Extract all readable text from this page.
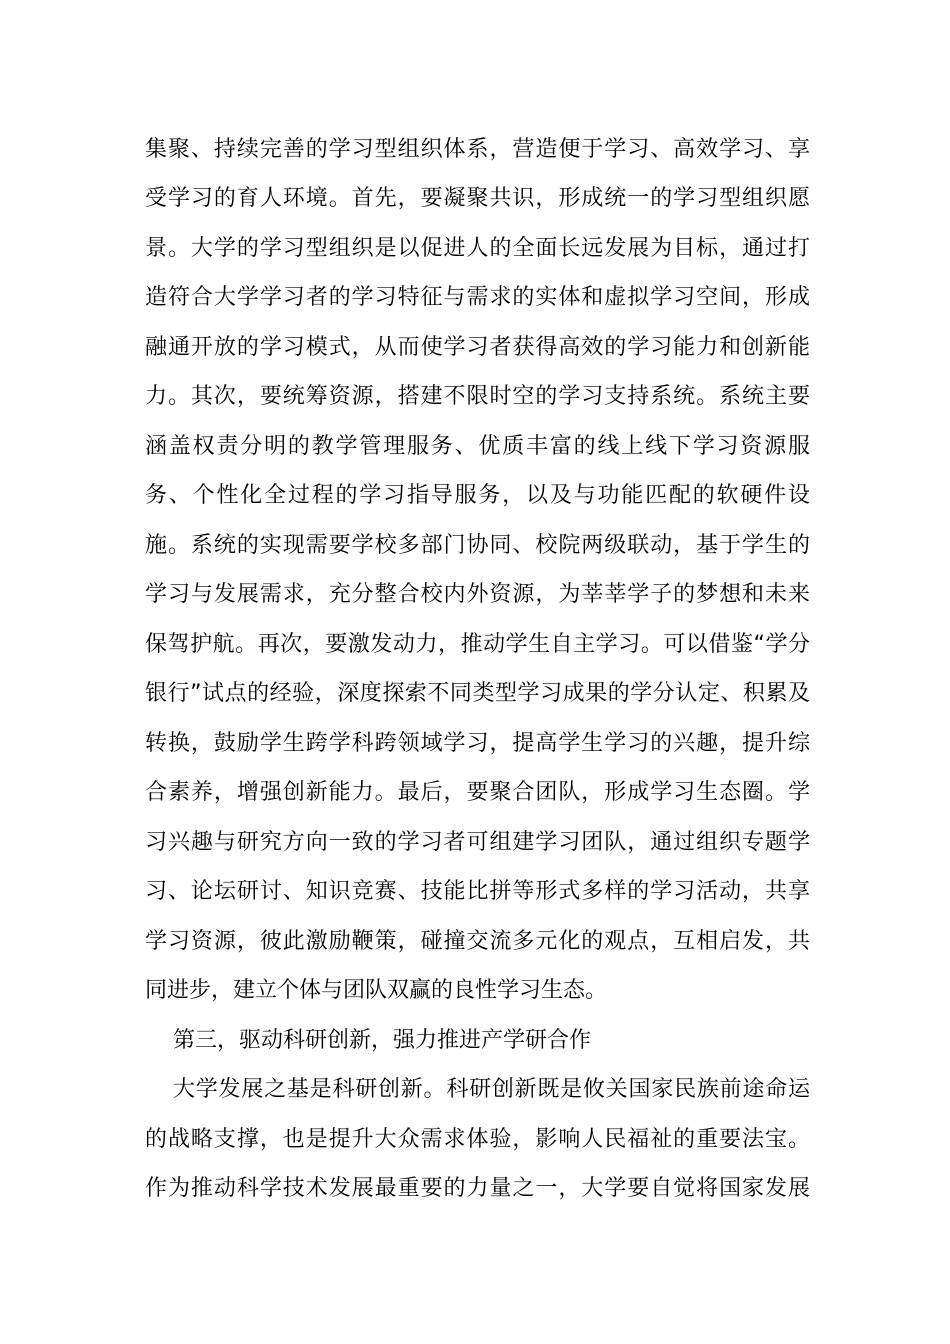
集聚、持续完善的学习型组织体系，营造便于学习、高效学习、享
受学习的育人环境。首先，要凝聚共识，形成统一的学习型组织愿
景。大学的学习型组织是以促进人的全面长远发展为目标，通过打
造符合大学学习者的学习特征与需求的实体和虚拟学习空间，形成
融通开放的学习模式，从而使学习者获得高效的学习能力和创新能
力。其次，要统筹资源，搭建不限时空的学习支持系统。系统主要
涵盖权责分明的教学管理服务、优质丰富的线上线下学习资源服
务、个性化全过程的学习指导服务，以及与功能匹配的软硬件设
施。系统的实现需要学校多部门协同、校院两级联动，基于学生的
学习与发展需求，充分整合校内外资源，为莘莘学子的梦想和未来
保驾护航。再次，要激发动力，推动学生自主学习。可以借鉴“学分
银行”试点的经验，深度探索不同类型学习成果的学分认定、积累及
转换，鼓励学生跨学科跨领域学习，提高学生学习的兴趣，提升综
合素养，增强创新能力。最后，要聚合团队，形成学习生态圈。学
习兴趣与研究方向一致的学习者可组建学习团队，通过组织专题学
习、论坛研讨、知识竞赛、技能比拼等形式多样的学习活动，共享
学习资源，彼此激励鞭策，碰撞交流多元化的观点，互相启发，共
同进步，建立个体与团队双赢的良性学习生态。
第三，驱动科研创新，强力推进产学研合作
大学发展之基是科研创新。科研创新既是攸关国家民族前途命运
的战略支撑，也是提升大众需求体验，影响人民福祉的重要法宝。
作为推动科学技术发展最重要的力量之一，大学要自觉将国家发展
